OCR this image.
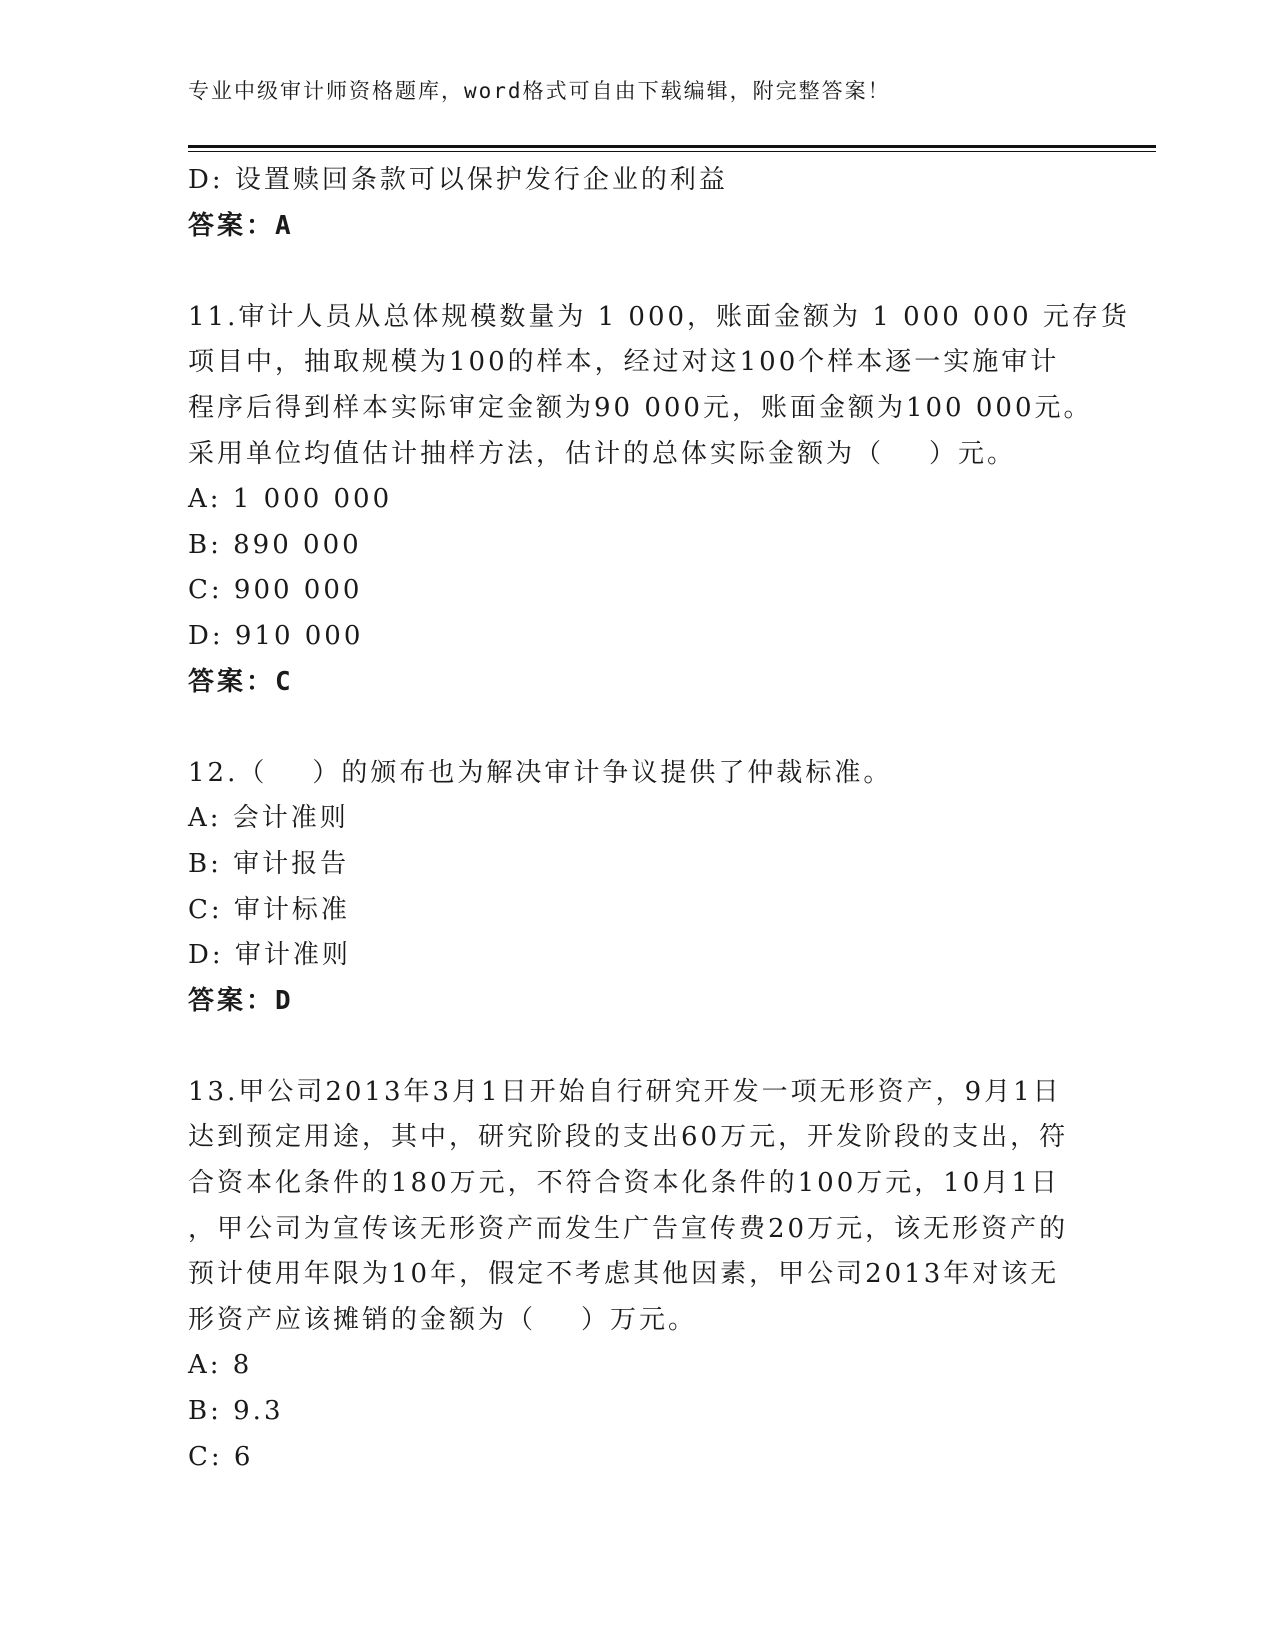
专业中级审计师资格题库，word格式可自由下载编辑，附完整答案！
D: 设置赎回条款可以保护发行企业的利益
答案：A
11.审计人员从总体规模数量为 1 000，账面金额为 1 000 000 元存货
项目中，抽取规模为100的样本，经过对这100个样本逐一实施审计
程序后得到样本实际审定金额为90 000元，账面金额为100 000元。
采用单位均值估计抽样方法，估计的总体实际金额为（    ）元。
A: 1 000 000
B: 890 000
C: 900 000
D: 910 000
答案：C
12.（    ）的颁布也为解决审计争议提供了仲裁标准。
A: 会计准则
B: 审计报告
C: 审计标准
D: 审计准则
答案：D
13.甲公司2013年3月1日开始自行研究开发一项无形资产，9月1日
达到预定用途，其中，研究阶段的支出60万元，开发阶段的支出，符
合资本化条件的180万元，不符合资本化条件的100万元，10月1日
，甲公司为宣传该无形资产而发生广告宣传费20万元，该无形资产的
预计使用年限为10年，假定不考虑其他因素，甲公司2013年对该无
形资产应该摊销的金额为（    ）万元。
A: 8
B: 9.3
C: 6
